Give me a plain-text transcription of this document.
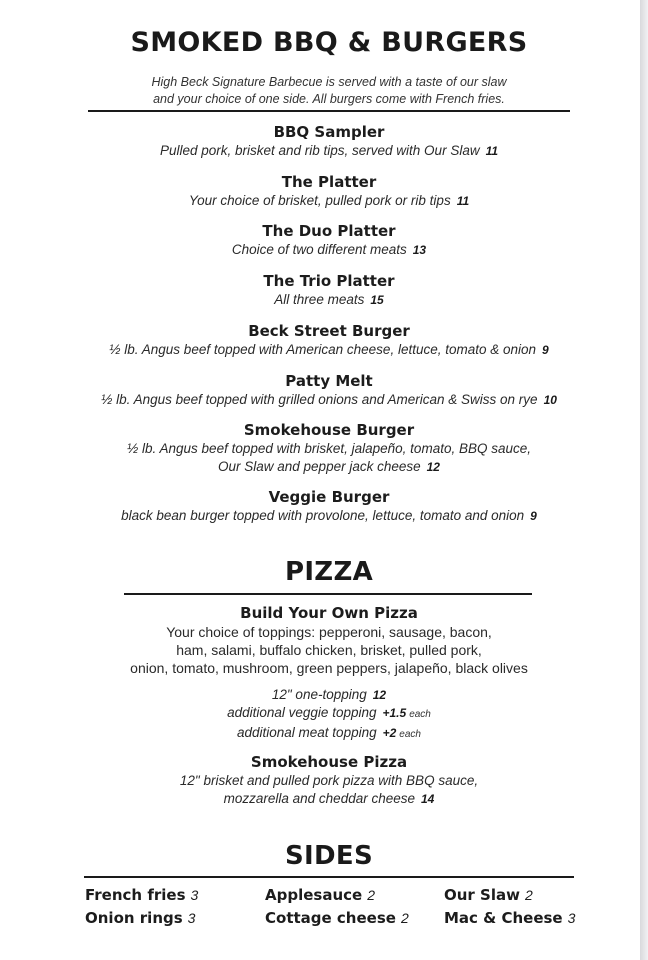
SMOKED BBQ & BURGERS
High Beck Signature Barbecue is served with a taste of our slaw
and your choice of one side. All burgers come with French fries.
BBQ Sampler
Pulled pork, brisket and rib tips, served with Our Slaw 11
The Platter
Your choice of brisket, pulled pork or rib tips 11
The Duo Platter
Choice of two different meats 13
The Trio Platter
All three meats 15
Beck Street Burger
½ lb. Angus beef topped with American cheese, lettuce, tomato & onion 9
Patty Melt
½ lb. Angus beef topped with grilled onions and American & Swiss on rye 10
Smokehouse Burger
½ lb. Angus beef topped with brisket, jalapeño, tomato, BBQ sauce,
Our Slaw and pepper jack cheese 12
Veggie Burger
black bean burger topped with provolone, lettuce, tomato and onion 9
PIZZA
Build Your Own Pizza
Your choice of toppings: pepperoni, sausage, bacon,
ham, salami, buffalo chicken, brisket, pulled pork,
onion, tomato, mushroom, green peppers, jalapeño, black olives
12" one-topping 12
additional veggie topping +1.5 each
additional meat topping +2 each
Smokehouse Pizza
12" brisket and pulled pork pizza with BBQ sauce,
mozzarella and cheddar cheese 14
SIDES
French fries 3	Applesauce 2	Our Slaw 2
Onion rings 3	Cottage cheese 2 Mac & Cheese 3
